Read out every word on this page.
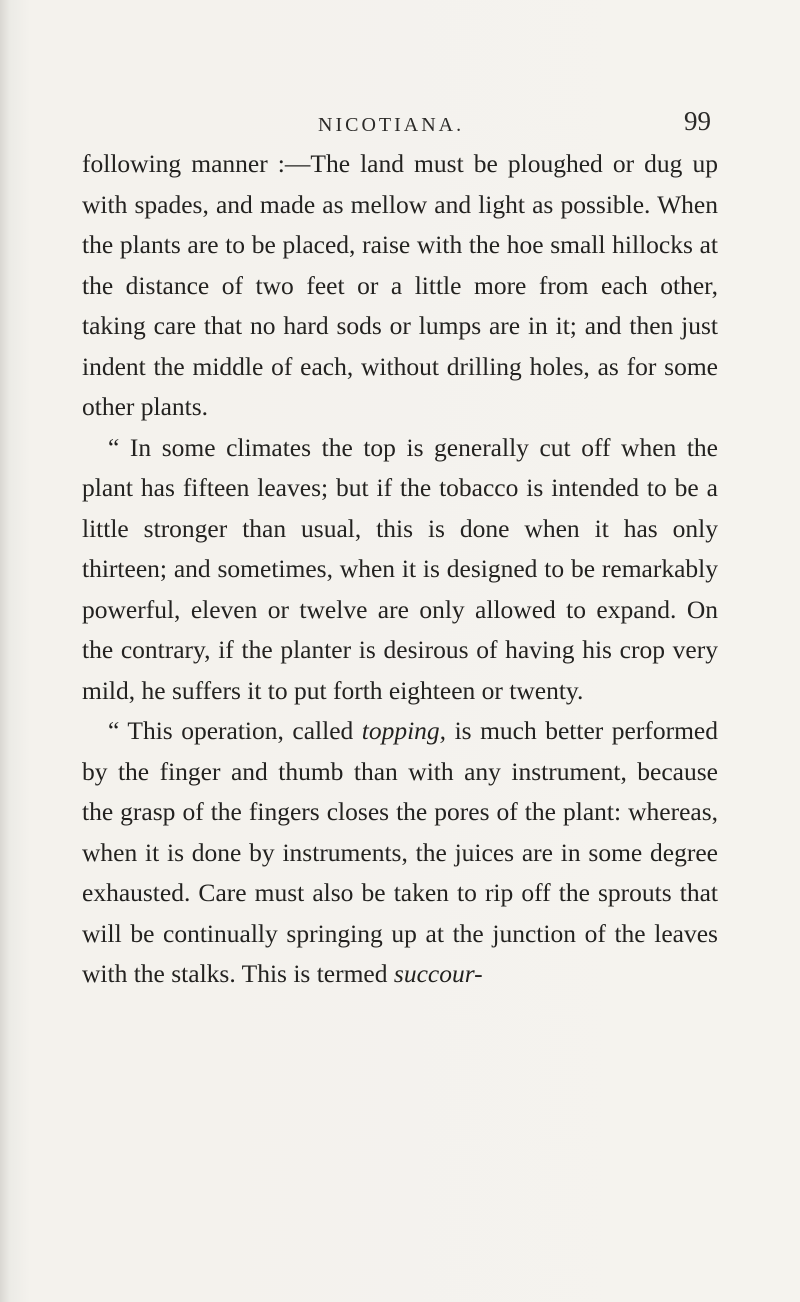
NICOTIANA.	99

following manner :—The land must be ploughed or dug up with spades, and made as mellow and light as possible. When the plants are to be placed, raise with the hoe small hillocks at the distance of two feet or a little more from each other, taking care that no hard sods or lumps are in it; and then just indent the middle of each, without drilling holes, as for some other plants.

“ In some climates the top is generally cut off when the plant has fifteen leaves; but if the tobacco is intended to be a little stronger than usual, this is done when it has only thirteen; and sometimes, when it is designed to be remarkably powerful, eleven or twelve are only allowed to expand. On the contrary, if the planter is desirous of having his crop very mild, he suffers it to put forth eighteen or twenty.

“ This operation, called topping, is much better performed by the finger and thumb than with any instrument, because the grasp of the fingers closes the pores of the plant: whereas, when it is done by instruments, the juices are in some degree exhausted. Care must also be taken to rip off the sprouts that will be continually springing up at the junction of the leaves with the stalks. This is termed succour-
